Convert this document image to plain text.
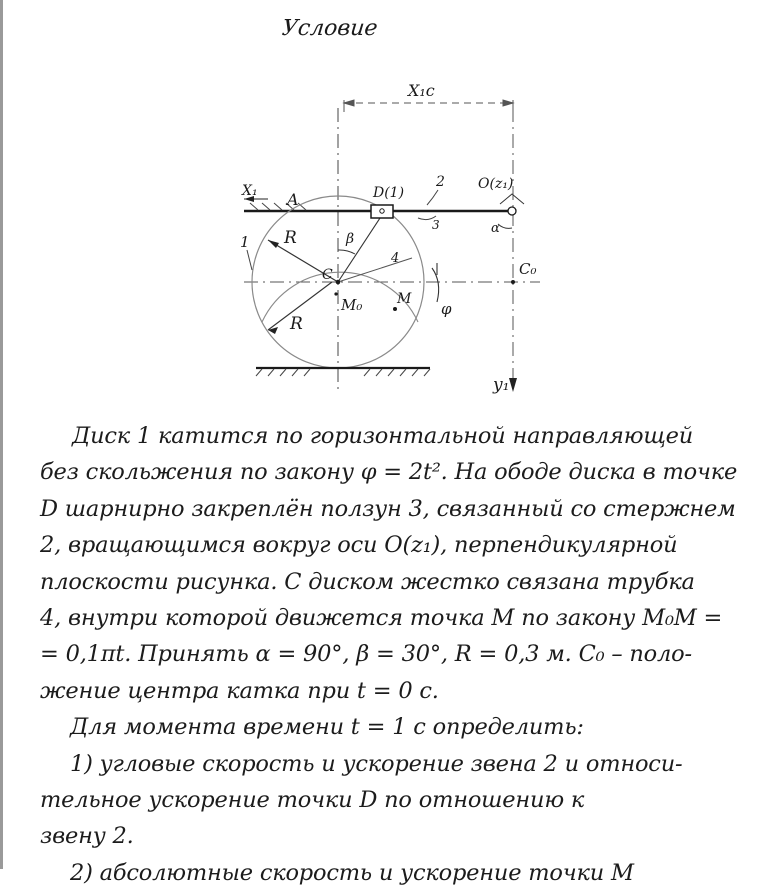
Условие
X₁c
y₁
X₁ A	D(1)
2 O(z₁)
3	α
1 R	β
4
C	C₀
M₀ M
φ
R
Диск 1 катится по горизонтальной направляющей
без скольжения по закону φ = 2t². На ободе диска в точке
D шарнирно закреплён ползун 3, связанный со стержнем
2, вращающимся вокруг оси O(z₁), перпендикулярной
плоскости рисунка. С диском жестко связана трубка
4, внутри которой движется точка M по закону M₀M =
= 0,1πt. Принять α = 90°, β = 30°, R = 0,3 м. C₀ – поло-
жение центра катка при t = 0 с.
Для момента времени t = 1 с определить:
1) угловые скорость и ускорение звена 2 и относи-
тельное ускорение точки D по отношению к
звену 2.
2) абсолютные скорость и ускорение точки M
